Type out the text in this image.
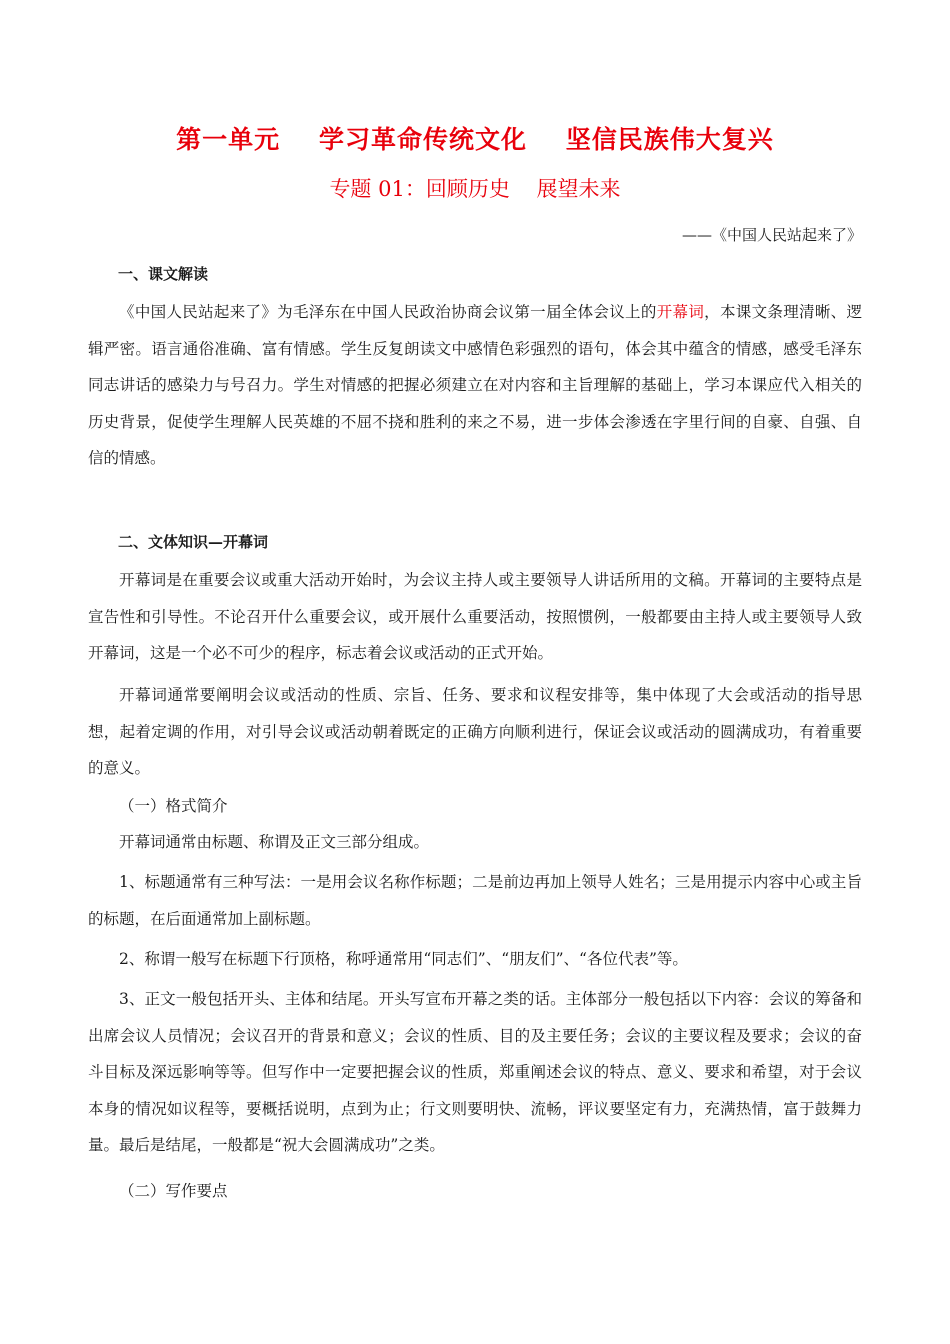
第一单元    学习革命传统文化    坚信民族伟大复兴
专题 01：回顾历史    展望未来
——《中国人民站起来了》
一、课文解读
《中国人民站起来了》为毛泽东在中国人民政治协商会议第一届全体会议上的开幕词，本课文条理清晰、逻辑严密。语言通俗准确、富有情感。学生反复朗读文中感情色彩强烈的语句，体会其中蕴含的情感，感受毛泽东同志讲话的感染力与号召力。学生对情感的把握必须建立在对内容和主旨理解的基础上，学习本课应代入相关的历史背景，促使学生理解人民英雄的不屈不挠和胜利的来之不易，进一步体会渗透在字里行间的自豪、自强、自信的情感。
二、文体知识—开幕词
开幕词是在重要会议或重大活动开始时，为会议主持人或主要领导人讲话所用的文稿。开幕词的主要特点是宣告性和引导性。不论召开什么重要会议，或开展什么重要活动，按照惯例，一般都要由主持人或主要领导人致开幕词，这是一个必不可少的程序，标志着会议或活动的正式开始。
开幕词通常要阐明会议或活动的性质、宗旨、任务、要求和议程安排等，集中体现了大会或活动的指导思想，起着定调的作用，对引导会议或活动朝着既定的正确方向顺利进行，保证会议或活动的圆满成功，有着重要的意义。
（一）格式简介
开幕词通常由标题、称谓及正文三部分组成。
1、标题通常有三种写法：一是用会议名称作标题；二是前边再加上领导人姓名；三是用提示内容中心或主旨的标题，在后面通常加上副标题。
2、称谓一般写在标题下行顶格，称呼通常用“同志们”、“朋友们”、“各位代表”等。
3、正文一般包括开头、主体和结尾。开头写宣布开幕之类的话。主体部分一般包括以下内容：会议的筹备和出席会议人员情况；会议召开的背景和意义；会议的性质、目的及主要任务；会议的主要议程及要求；会议的奋斗目标及深远影响等等。但写作中一定要把握会议的性质，郑重阐述会议的特点、意义、要求和希望，对于会议本身的情况如议程等，要概括说明，点到为止；行文则要明快、流畅，评议要坚定有力，充满热情，富于鼓舞力量。最后是结尾，一般都是“祝大会圆满成功”之类。
（二）写作要点
